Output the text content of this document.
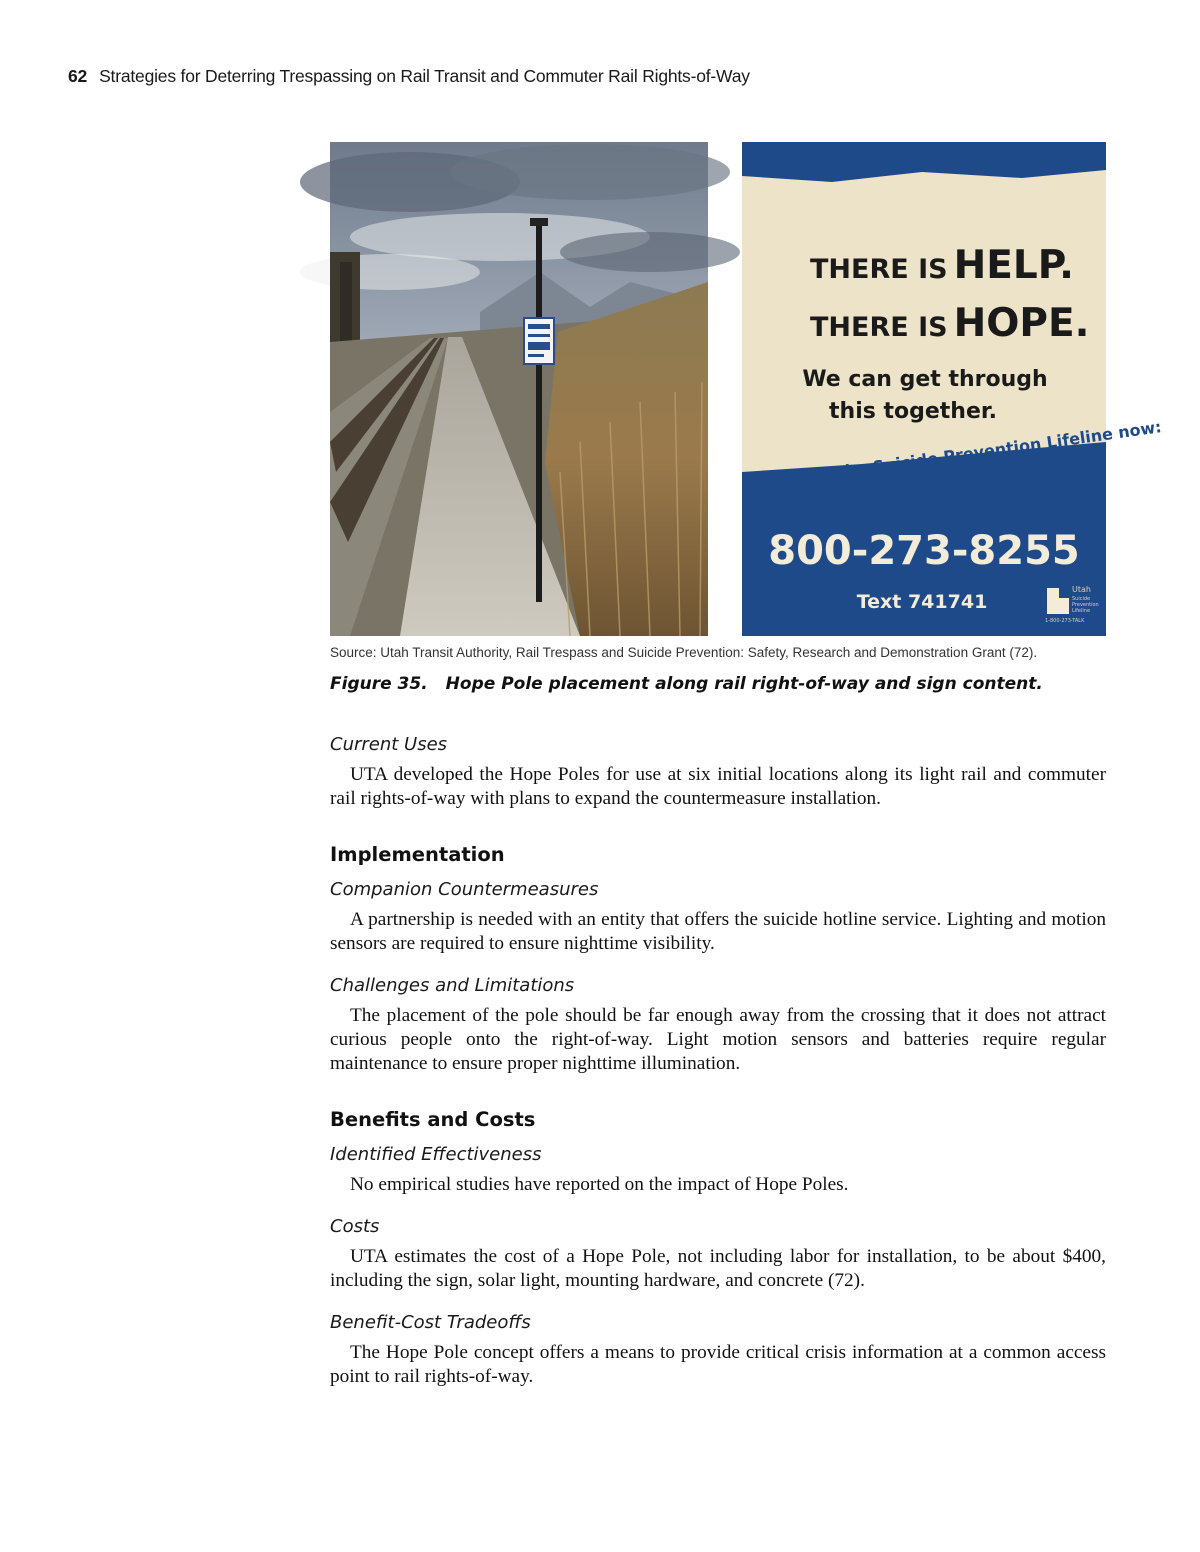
62 Strategies for Deterring Trespassing on Rail Transit and Commuter Rail Rights-of-Way
THERE IS HELP.
THERE IS HOPE.
We can get through
this together.
Contact the Suicide Prevention Lifeline now:
800-273-8255
Text 741741
Utah
Suicide
Prevention
Lifeline
1-800-273-TALK
Source: Utah Transit Authority, Rail Trespass and Suicide Prevention: Safety, Research and Demonstration Grant (72).
Figure 35. Hope Pole placement along rail right-of-way and sign content.
Current Uses

UTA developed the Hope Poles for use at six initial locations along its light rail and commuter rail rights-of-way with plans to expand the countermeasure installation.

Implementation
Companion Countermeasures

A partnership is needed with an entity that offers the suicide hotline service. Lighting and motion sensors are required to ensure nighttime visibility.

Challenges and Limitations

The placement of the pole should be far enough away from the crossing that it does not attract curious people onto the right-of-way. Light motion sensors and batteries require regular maintenance to ensure proper nighttime illumination.

Benefits and Costs
Identified Effectiveness

No empirical studies have reported on the impact of Hope Poles.

Costs

UTA estimates the cost of a Hope Pole, not including labor for installation, to be about $400, including the sign, solar light, mounting hardware, and concrete (72).

Benefit-Cost Tradeoffs

The Hope Pole concept offers a means to provide critical crisis information at a common access point to rail rights-of-way.
